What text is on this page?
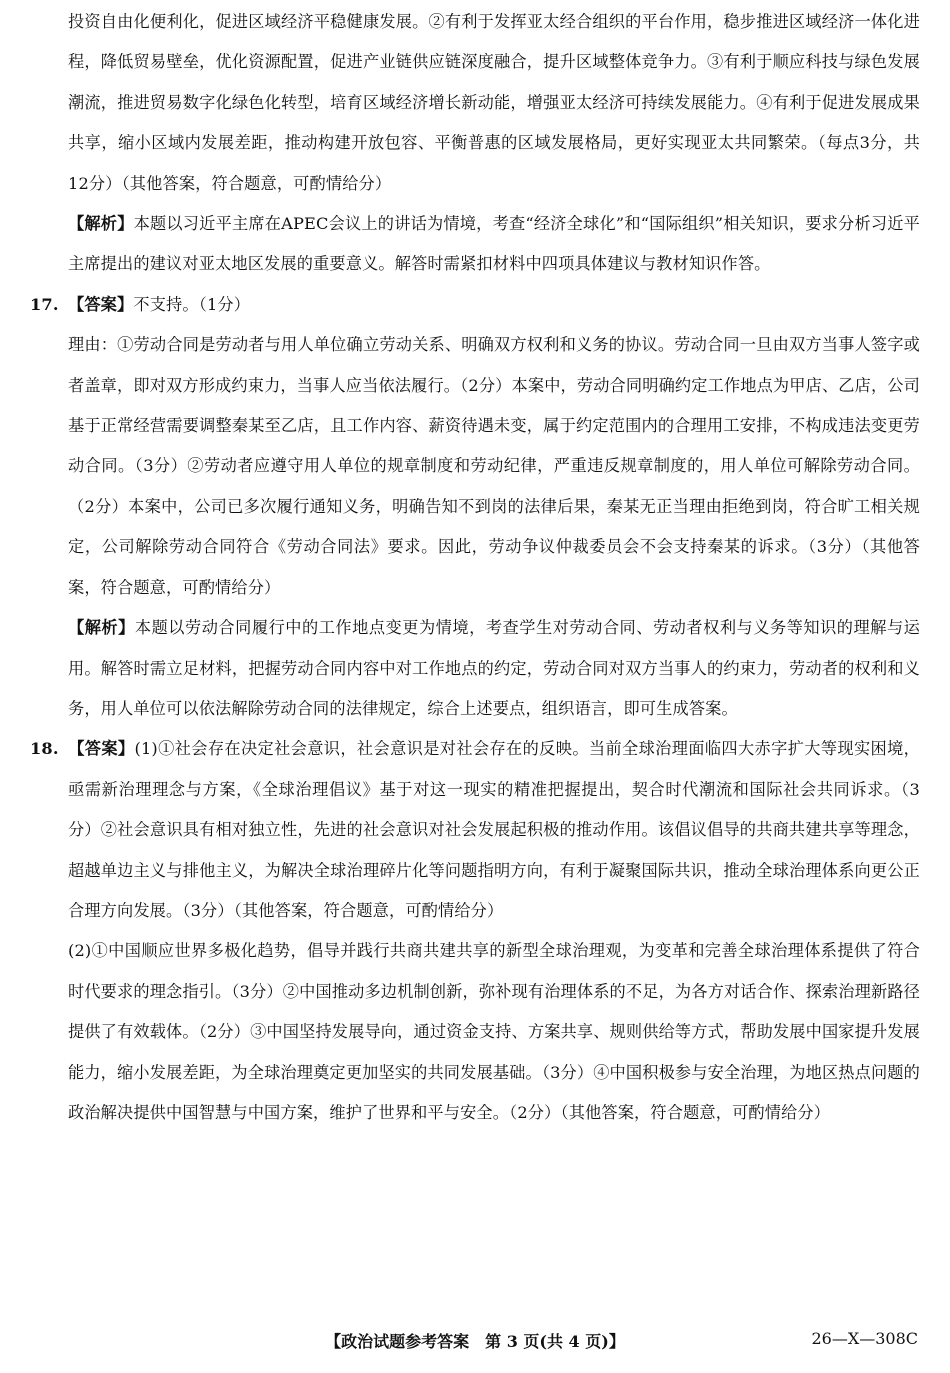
投资自由化便利化，促进区域经济平稳健康发展。②有利于发挥亚太经合组织的平台作用，稳步推进区域经济一体化进程，降低贸易壁垒，优化资源配置，促进产业链供应链深度融合，提升区域整体竞争力。③有利于顺应科技与绿色发展潮流，推进贸易数字化绿色化转型，培育区域经济增长新动能，增强亚太经济可持续发展能力。④有利于促进发展成果共享，缩小区域内发展差距，推动构建开放包容、平衡普惠的区域发展格局，更好实现亚太共同繁荣。（每点3分，共12分）（其他答案，符合题意，可酌情给分）

【解析】本题以习近平主席在APEC会议上的讲话为情境，考查“经济全球化”和“国际组织”相关知识，要求分析习近平主席提出的建议对亚太地区发展的重要意义。解答时需紧扣材料中四项具体建议与教材知识作答。

17. 【答案】不支持。（1分）

理由：①劳动合同是劳动者与用人单位确立劳动关系、明确双方权利和义务的协议。劳动合同一旦由双方当事人签字或者盖章，即对双方形成约束力，当事人应当依法履行。（2分）本案中，劳动合同明确约定工作地点为甲店、乙店，公司基于正常经营需要调整秦某至乙店，且工作内容、薪资待遇未变，属于约定范围内的合理用工安排，不构成违法变更劳动合同。（3分）②劳动者应遵守用人单位的规章制度和劳动纪律，严重违反规章制度的，用人单位可解除劳动合同。（2分）本案中，公司已多次履行通知义务，明确告知不到岗的法律后果，秦某无正当理由拒绝到岗，符合旷工相关规定，公司解除劳动合同符合《劳动合同法》要求。因此，劳动争议仲裁委员会不会支持秦某的诉求。（3分）（其他答案，符合题意，可酌情给分）

【解析】本题以劳动合同履行中的工作地点变更为情境，考查学生对劳动合同、劳动者权利与义务等知识的理解与运用。解答时需立足材料，把握劳动合同内容中对工作地点的约定，劳动合同对双方当事人的约束力，劳动者的权利和义务，用人单位可以依法解除劳动合同的法律规定，综合上述要点，组织语言，即可生成答案。

18. 【答案】(1)①社会存在决定社会意识，社会意识是对社会存在的反映。当前全球治理面临四大赤字扩大等现实困境，亟需新治理理念与方案，《全球治理倡议》基于对这一现实的精准把握提出，契合时代潮流和国际社会共同诉求。（3分）②社会意识具有相对独立性，先进的社会意识对社会发展起积极的推动作用。该倡议倡导的共商共建共享等理念，超越单边主义与排他主义，为解决全球治理碎片化等问题指明方向，有利于凝聚国际共识，推动全球治理体系向更公正合理方向发展。（3分）（其他答案，符合题意，可酌情给分）

(2)①中国顺应世界多极化趋势，倡导并践行共商共建共享的新型全球治理观，为变革和完善全球治理体系提供了符合时代要求的理念指引。（3分）②中国推动多边机制创新，弥补现有治理体系的不足，为各方对话合作、探索治理新路径提供了有效载体。（2分）③中国坚持发展导向，通过资金支持、方案共享、规则供给等方式，帮助发展中国家提升发展能力，缩小发展差距，为全球治理奠定更加坚实的共同发展基础。（3分）④中国积极参与安全治理，为地区热点问题的政治解决提供中国智慧与中国方案，维护了世界和平与安全。（2分）（其他答案，符合题意，可酌情给分）

【政治试题参考答案　第 3 页(共 4 页)】	26—X—308C
